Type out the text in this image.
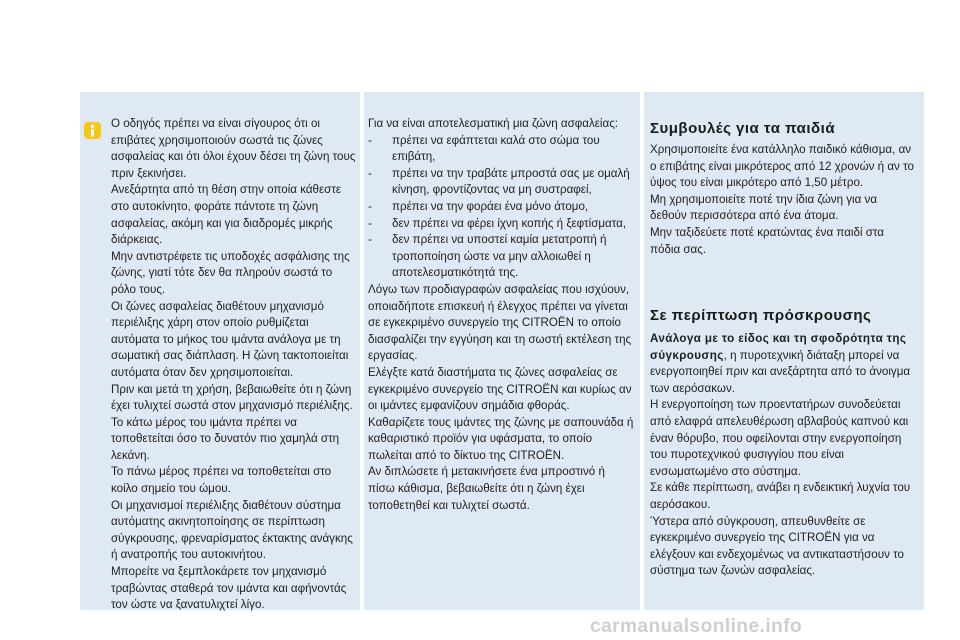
Ο οδηγός πρέπει να είναι σίγουρος ότι οι επιβάτες χρησιμοποιούν σωστά τις ζώνες ασφαλείας και ότι όλοι έχουν δέσει τη ζώνη τους πριν ξεκινήσει.

Ανεξάρτητα από τη θέση στην οποία κάθεστε στο αυτοκίνητο, φοράτε πάντοτε τη ζώνη ασφαλείας, ακόμη και για διαδρομές μικρής διάρκειας.

Μην αντιστρέφετε τις υποδοχές ασφάλισης της ζώνης, γιατί τότε δεν θα πληρούν σωστά το ρόλο τους.

Οι ζώνες ασφαλείας διαθέτουν μηχανισμό περιέλιξης χάρη στον οποίο ρυθμίζεται αυτόματα το μήκος του ιμάντα ανάλογα με τη σωματική σας διάπλαση. Η ζώνη τακτοποιείται αυτόματα όταν δεν χρησιμοποιείται.

Πριν και μετά τη χρήση, βεβαιωθείτε ότι η ζώνη έχει τυλιχτεί σωστά στον μηχανισμό περιέλιξης.

Το κάτω μέρος του ιμάντα πρέπει να τοποθετείται όσο το δυνατόν πιο χαμηλά στη λεκάνη.

Το πάνω μέρος πρέπει να τοποθετείται στο κοίλο σημείο του ώμου.

Οι μηχανισμοί περιέλιξης διαθέτουν σύστημα αυτόματης ακινητοποίησης σε περίπτωση σύγκρουσης, φρεναρίσματος έκτακτης ανάγκης ή ανατροπής του αυτοκινήτου.

Μπορείτε να ξεμπλοκάρετε τον μηχανισμό τραβώντας σταθερά τον ιμάντα και αφήνοντάς τον ώστε να ξανατυλιχτεί λίγο.

Για να είναι αποτελεσματική μια ζώνη ασφαλείας:

- πρέπει να εφάπτεται καλά στο σώμα του επιβάτη,
- πρέπει να την τραβάτε μπροστά σας με ομαλή κίνηση, φροντίζοντας να μη συστραφεί,
- πρέπει να την φοράει ένα μόνο άτομο,
- δεν πρέπει να φέρει ίχνη κοπής ή ξεφτίσματα,
- δεν πρέπει να υποστεί καμία μετατροπή ή τροποποίηση ώστε να μην αλλοιωθεί η αποτελεσματικότητά της.

Λόγω των προδιαγραφών ασφαλείας που ισχύουν, οποιαδήποτε επισκευή ή έλεγχος πρέπει να γίνεται σε εγκεκριμένο συνεργείο της CITROËN το οποίο διασφαλίζει την εγγύηση και τη σωστή εκτέλεση της εργασίας.

Ελέγξτε κατά διαστήματα τις ζώνες ασφαλείας σε εγκεκριμένο συνεργείο της CITROËN και κυρίως αν οι ιμάντες εμφανίζουν σημάδια φθοράς.

Καθαρίζετε τους ιμάντες της ζώνης με σαπουνάδα ή καθαριστικό προϊόν για υφάσματα, το οποίο πωλείται από το δίκτυο της CITROËN.

Αν διπλώσετε ή μετακινήσετε ένα μπροστινό ή πίσω κάθισμα, βεβαιωθείτε ότι η ζώνη έχει τοποθετηθεί και τυλιχτεί σωστά.

Συμβουλές για τα παιδιά

Χρησιμοποιείτε ένα κατάλληλο παιδικό κάθισμα, αν ο επιβάτης είναι μικρότερος από 12 χρονών ή αν το ύψος του είναι μικρότερο από 1,50 μέτρο.

Μη χρησιμοποιείτε ποτέ την ίδια ζώνη για να δεθούν περισσότερα από ένα άτομα.

Μην ταξιδεύετε ποτέ κρατώντας ένα παιδί στα πόδια σας.

Σε περίπτωση πρόσκρουσης

Ανάλογα με το είδος και τη σφοδρότητα της σύγκρουσης, η πυροτεχνική διάταξη μπορεί να ενεργοποιηθεί πριν και ανεξάρτητα από το άνοιγμα των αερόσακων.

Η ενεργοποίηση των προεντατήρων συνοδεύεται από ελαφρά απελευθέρωση αβλαβούς καπνού και έναν θόρυβο, που οφείλονται στην ενεργοποίηση του πυροτεχνικού φυσιγγίου που είναι ενσωματωμένο στο σύστημα.

Σε κάθε περίπτωση, ανάβει η ενδεικτική λυχνία του αερόσακου.

Ύστερα από σύγκρουση, απευθυνθείτε σε εγκεκριμένο συνεργείο της CITROËN για να ελέγξουν και ενδεχομένως να αντικαταστήσουν το σύστημα των ζωνών ασφαλείας.

carmanualsonline.info
